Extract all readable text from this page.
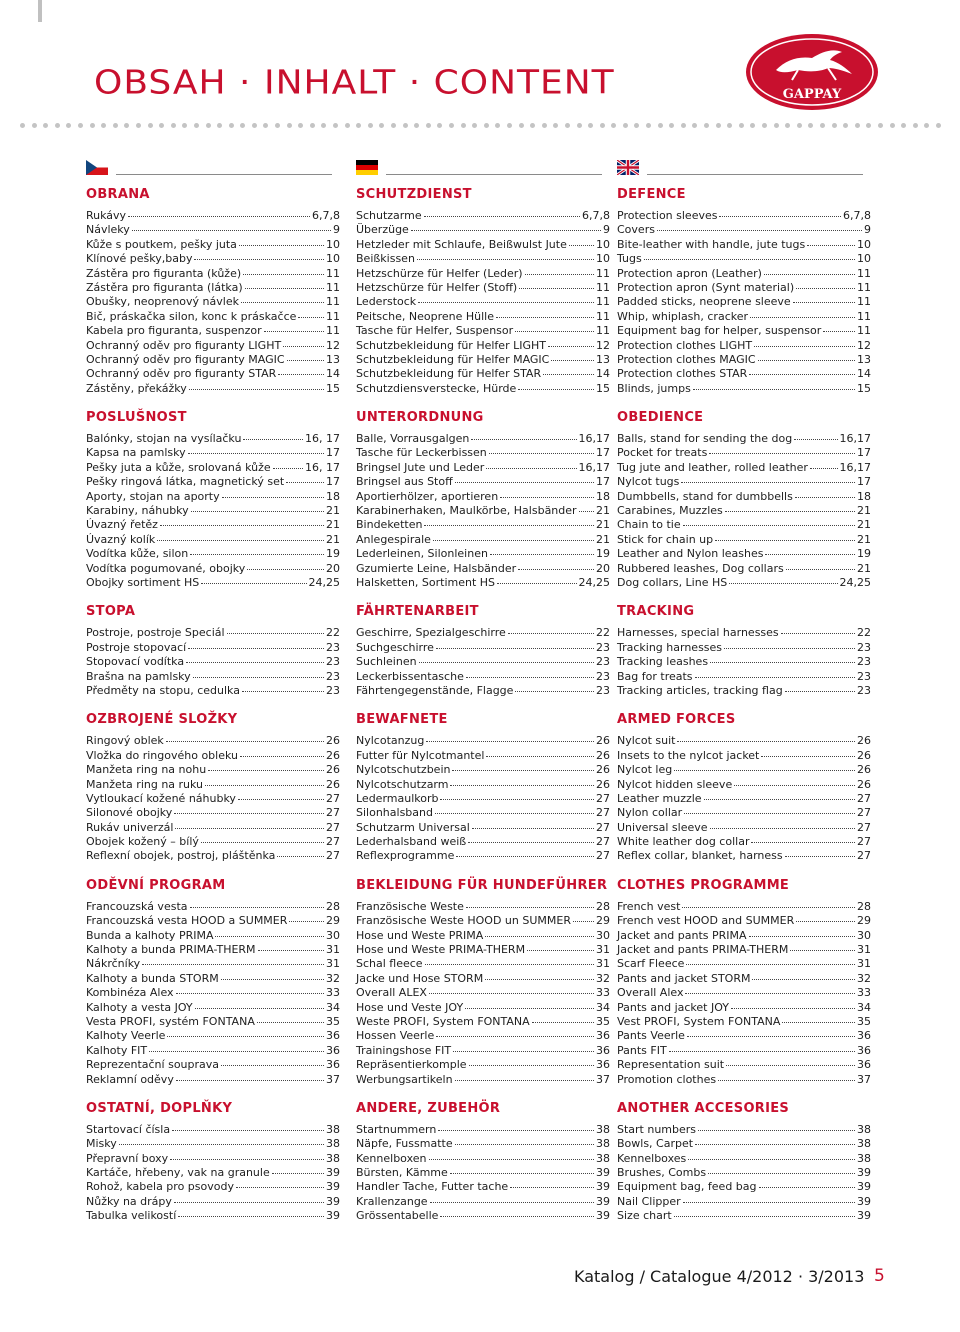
OBSAH · INHALT · CONTENT	GAPPAY
OBRANA
Rukávy	6,7,8
Návleky	9
Kůže s poutkem, pešky juta	10
Klínové pešky,baby	10
Zástěra pro figuranta (kůže)	11
Zástěra pro figuranta (látka)	11
Obušky, neoprenový návlek	11
Bič, práskačka silon, konc k práskačce	11
Kabela pro figuranta, suspenzor	11
Ochranný oděv pro figuranty LIGHT	12
Ochranný oděv pro figuranty MAGIC	13
Ochranný oděv pro figuranty STAR	14
Zástěny, překážky	15
POSLUŠNOST
Balónky, stojan na vysílačku	16, 17
Kapsa na pamlsky	17
Pešky juta a kůže, srolovaná kůže	16, 17
Pešky ringová látka, magnetický set	17
Aporty, stojan na aporty	18
Karabiny, náhubky	21
Úvazný řetěz	21
Úvazný kolík	21
Vodítka kůže, silon	19
Vodítka pogumované, obojky	20
Obojky sortiment HS	24,25
STOPA
Postroje, postroje Speciál	22
Postroje stopovací	23
Stopovací vodítka	23
Brašna na pamlsky	23
Předměty na stopu, cedulka	23
OZBROJENÉ SLOŽKY
Ringový oblek	26
Vložka do ringového obleku	26
Manžeta ring na nohu	26
Manžeta ring na ruku	26
Vytloukací kožené náhubky	27
Silonové obojky	27
Rukáv univerzál	27
Obojek kožený – bílý	27
Reflexní obojek, postroj, pláštěnka	27
ODĚVNÍ PROGRAM
Francouzská vesta	28
Francouzská vesta HOOD a SUMMER	29
Bunda a kalhoty PRIMA	30
Kalhoty a bunda PRIMA-THERM	31
Nákrčníky	31
Kalhoty a bunda STORM	32
Kombinéza Alex	33
Kalhoty a vesta JOY	34
Vesta PROFI, systém FONTANA	35
Kalhoty Veerle	36
Kalhoty FIT	36
Reprezentační souprava	36
Reklamní oděvy	37
OSTATNÍ, DOPLŇKY
Startovací čísla	38
Misky	38
Přepravní boxy	38
Kartáče, hřebeny, vak na granule	39
Rohož, kabela pro psovody	39
Nůžky na drápy	39
Tabulka velikostí	39
SCHUTZDIENST
Schutzarme	6,7,8
Überzüge	9
Hetzleder mit Schlaufe, Beißwulst Jute	10
Beißkissen	10
Hetzschürze für Helfer (Leder)	11
Hetzschürze für Helfer (Stoff)	11
Lederstock	11
Peitsche, Neoprene Hülle	11
Tasche für Helfer, Suspensor	11
Schutzbekleidung für Helfer LIGHT	12
Schutzbekleidung für Helfer MAGIC	13
Schutzbekleidung für Helfer STAR	14
Schutzdiensverstecke, Hürde	15
UNTERORDNUNG
Balle, Vorrausgalgen	16,17
Tasche für Leckerbissen	17
Bringsel Jute und Leder	16,17
Bringsel aus Stoff	17
Aportierhölzer, aportieren	18
Karabinerhaken, Maulkörbe, Halsbänder 21
Bindeketten	21
Anlegespirale	21
Lederleinen, Silonleinen	19
Gzumierte Leine, Halsbänder	20
Halsketten, Sortiment HS	24,25
FÄHRTENARBEIT
Geschirre, Spezialgeschirre	22
Suchgeschirre	23
Suchleinen	23
Leckerbissentasche	23
Fährtengegenstände, Flagge	23
BEWAFNETE
Nylcotanzug	26
Futter für Nylcotmantel	26
Nylcotschutzbein	26
Nylcotschutzarm	26
Ledermaulkorb	27
Silonhalsband	27
Schutzarm Universal	27
Lederhalsband weiß	27
Reflexprogramme	27
BEKLEIDUNG FÜR HUNDEFÜHRER
Französische Weste	28
Französische Weste HOOD un SUMMER 29
Hose und Weste PRIMA	30
Hose und Weste PRIMA-THERM	31
Schal fleece	31
Jacke und Hose STORM	32
Overall ALEX	33
Hose und Veste JOY	34
Weste PROFI, System FONTANA	35
Hossen Veerle	36
Trainingshose FIT	36
Repräsentierkomple	36
Werbungsartikeln	37
ANDERE, ZUBEHÖR
Startnummern	38
Näpfe, Fussmatte	38
Kennelboxen	38
Bürsten, Kämme	39
Handler Tache, Futter tache	39
Krallenzange	39
Grössentabelle	39
DEFENCE
Protection sleeves	6,7,8
Covers	9
Bite-leather with handle, jute tugs	10
Tugs	10
Protection apron (Leather)	11
Protection apron (Synt material)	11
Padded sticks, neoprene sleeve	11
Whip, whiplash, cracker	11
Equipment bag for helper, suspensor	11
Protection clothes LIGHT	12
Protection clothes MAGIC	13
Protection clothes STAR	14
Blinds, jumps	15
OBEDIENCE
Balls, stand for sending the dog	16,17
Pocket for treats	17
Tug jute and leather, rolled leather	16,17
Nylcot tugs	17
Dumbbells, stand for dumbbells	18
Carabines, Muzzles	21
Chain to tie	21
Stick for chain up	21
Leather and Nylon leashes	19
Rubbered leashes, Dog collars	21
Dog collars, Line HS	24,25
TRACKING
Harnesses, special harnesses	22
Tracking harnesses	23
Tracking leashes	23
Bag for treats	23
Tracking articles, tracking flag	23
ARMED FORCES
Nylcot suit	26
Insets to the nylcot jacket	26
Nylcot leg	26
Nylcot hidden sleeve	26
Leather muzzle	27
Nylon collar	27
Universal sleeve	27
White leather dog collar	27
Reflex collar, blanket, harness	27
CLOTHES PROGRAMME
French vest	28
French vest HOOD and SUMMER	29
Jacket and pants PRIMA	30
Jacket and pants PRIMA-THERM	31
Scarf Fleece	31
Pants and jacket STORM	32
Overall Alex	33
Pants and jacket JOY	34
Vest PROFI, System FONTANA	35
Pants Veerle	36
Pants FIT	36
Representation suit	36
Promotion clothes	37
ANOTHER ACCESORIES
Start numbers	38
Bowls, Carpet	38
Kennelboxes	38
Brushes, Combs	39
Equipment bag, feed bag	39
Nail Clipper	39
Size chart	39
Katalog / Catalogue 4/2012 · 3/2013 5
